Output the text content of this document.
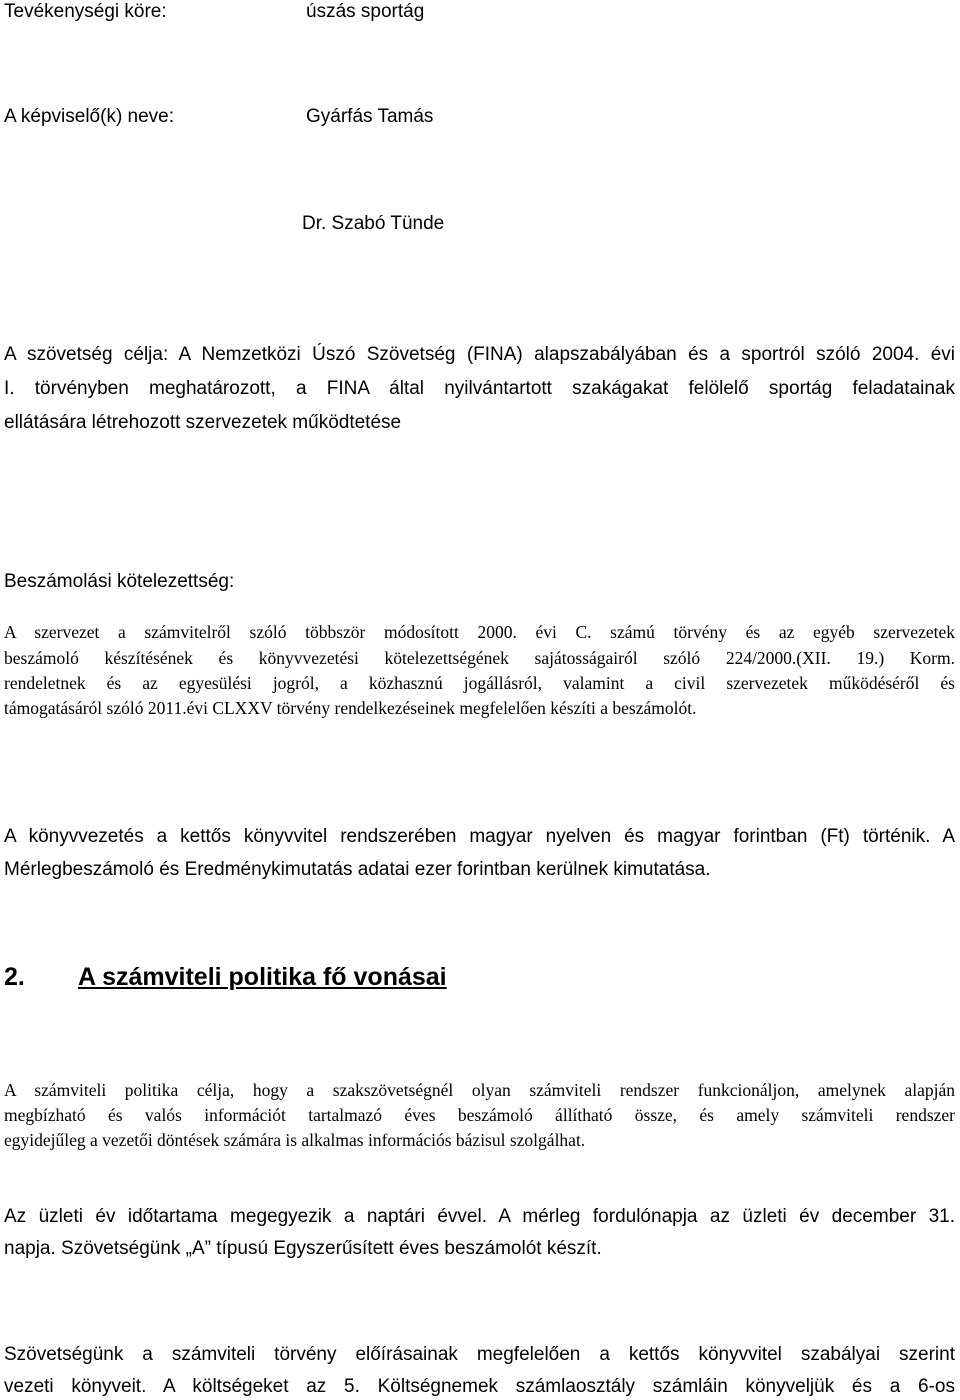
Tevékenységi köre:	úszás sportág
A képviselő(k) neve:	Gyárfás Tamás
Dr. Szabó Tünde
A szövetség célja: A Nemzetközi Úszó Szövetség (FINA) alapszabályában és a sportról szóló 2004. évi
I. törvényben meghatározott, a FINA által nyilvántartott szakágakat felölelő sportág feladatainak
ellátására létrehozott szervezetek működtetése
Beszámolási kötelezettség:
A szervezet a számvitelről szóló többször módosított 2000. évi C. számú törvény és az egyéb szervezetek
beszámoló készítésének és könyvvezetési kötelezettségének sajátosságairól szóló 224/2000.(XII. 19.) Korm.
rendeletnek és az egyesülési jogról, a közhasznú jogállásról, valamint a civil szervezetek működéséről és
támogatásáról szóló 2011.évi CLXXV törvény rendelkezéseinek megfelelően készíti a beszámolót.
A könyvvezetés a kettős könyvvitel rendszerében magyar nyelven és magyar forintban (Ft) történik. A
Mérlegbeszámoló és Eredménykimutatás adatai ezer forintban kerülnek kimutatása.
2. A számviteli politika fő vonásai
A számviteli politika célja, hogy a szakszövetségnél olyan számviteli rendszer funkcionáljon, amelynek alapján
megbízható és valós információt tartalmazó éves beszámoló állítható össze, és amely számviteli rendszer
egyidejűleg a vezetői döntések számára is alkalmas információs bázisul szolgálhat.
Az üzleti év időtartama megegyezik a naptári évvel. A mérleg fordulónapja az üzleti év december 31.
napja. Szövetségünk „A” típusú Egyszerűsített éves beszámolót készít.
Szövetségünk a számviteli törvény előírásainak megfelelően a kettős könyvvitel szabályai szerint
vezeti könyveit. A költségeket az 5. Költségnemek számlaosztály számláin könyveljük és a 6-os
